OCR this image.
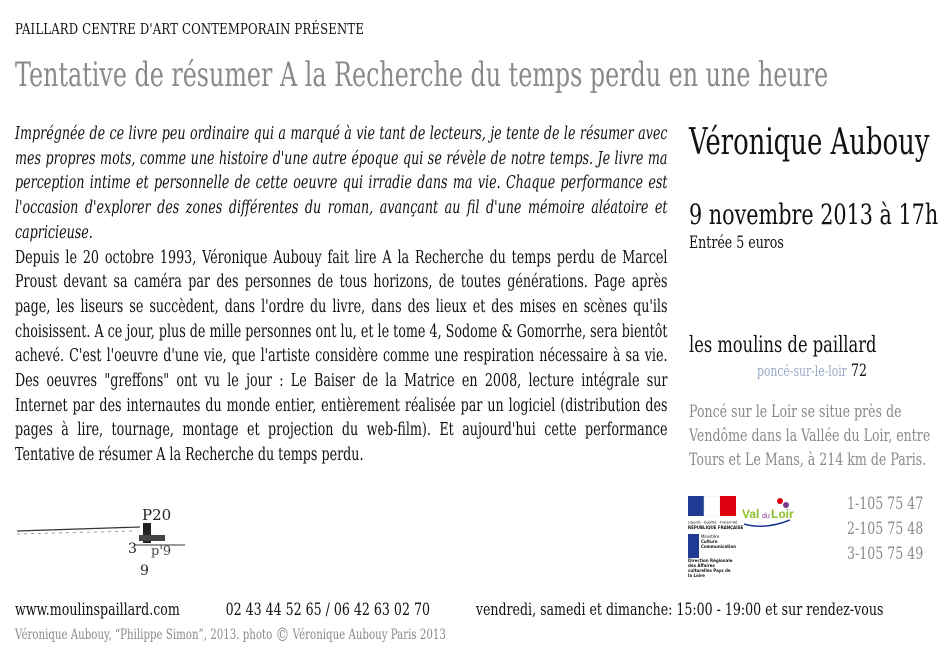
PAILLARD CENTRE D'ART CONTEMPORAIN PRÉSENTE
Tentative de résumer A la Recherche du temps perdu en une heure

Imprégnée de ce livre peu ordinaire qui a marqué à vie tant de lecteurs, je tente de le résumer avec mes propres mots, comme une histoire d'une autre époque qui se révèle de notre temps. Je livre ma perception intime et personnelle de cette oeuvre qui irradie dans ma vie. Chaque performance est l'occasion d'explorer des zones différentes du roman, avançant au fil d'une mémoire aléatoire et capricieuse.

Depuis le 20 octobre 1993, Véronique Aubouy fait lire A la Recherche du temps perdu de Marcel Proust devant sa caméra par des personnes de tous horizons, de toutes générations. Page après page, les liseurs se succèdent, dans l'ordre du livre, dans des lieux et des mises en scènes qu'ils choisissent. A ce jour, plus de mille personnes ont lu, et le tome 4, Sodome & Gomorrhe, sera bientôt achevé. C'est l'oeuvre d'une vie, que l'artiste considère comme une respiration nécessaire à sa vie. Des oeuvres "greffons" ont vu le jour : Le Baiser de la Matrice en 2008, lecture intégrale sur Internet par des internautes du monde entier, entièrement réalisée par un logiciel (distribution des pages à lire, tournage, montage et projection du web-film). Et aujourd'hui cette performance Tentative de résumer A la Recherche du temps perdu.

Véronique Aubouy
9 novembre 2013 à 17h
Entrée 5 euros
les moulins de paillard
poncé-sur-le-loir 72
Poncé sur le Loir se situe près de Vendôme dans la Vallée du Loir, entre Tours et Le Mans, à 214 km de Paris.
1-105 75 47
2-105 75 48
3-105 75 49
P20
3 p'9
9
Liberté · Égalité · Fraternité
RÉPUBLIQUE FRANÇAISE
Val du Loir
Ministère
Culture
Communication
Direction Régionale des Affaires culturelles Pays de la Loire
www.moulinspaillard.com	02 43 44 52 65 / 06 42 63 02 70	vendredi, samedi et dimanche: 15:00 - 19:00 et sur rendez-vous
Véronique Aubouy, “Philippe Simon”, 2013. photo © Véronique Aubouy Paris 2013
